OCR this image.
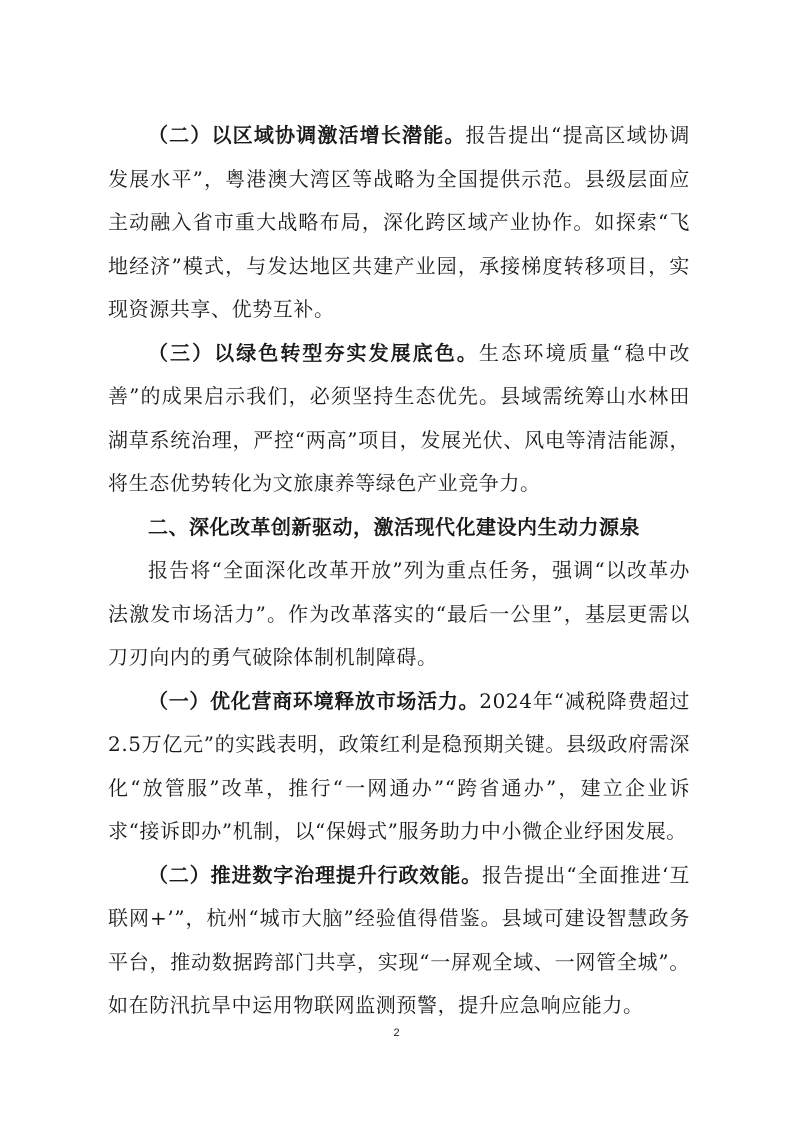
（二）以区域协调激活增长潜能。报告提出“提高区域协调发展水平”，粤港澳大湾区等战略为全国提供示范。县级层面应主动融入省市重大战略布局，深化跨区域产业协作。如探索“飞地经济”模式，与发达地区共建产业园，承接梯度转移项目，实现资源共享、优势互补。

（三）以绿色转型夯实发展底色。生态环境质量“稳中改善”的成果启示我们，必须坚持生态优先。县域需统筹山水林田湖草系统治理，严控“两高”项目，发展光伏、风电等清洁能源，将生态优势转化为文旅康养等绿色产业竞争力。

二、深化改革创新驱动，激活现代化建设内生动力源泉

报告将“全面深化改革开放”列为重点任务，强调“以改革办法激发市场活力”。作为改革落实的“最后一公里”，基层更需以刀刃向内的勇气破除体制机制障碍。

（一）优化营商环境释放市场活力。2024年“减税降费超过2.5万亿元”的实践表明，政策红利是稳预期关键。县级政府需深化“放管服”改革，推行“一网通办”“跨省通办”，建立企业诉求“接诉即办”机制，以“保姆式”服务助力中小微企业纾困发展。

（二）推进数字治理提升行政效能。报告提出“全面推进‘互联网+’”，杭州“城市大脑”经验值得借鉴。县域可建设智慧政务平台，推动数据跨部门共享，实现“一屏观全域、一网管全城”。如在防汛抗旱中运用物联网监测预警，提升应急响应能力。

2
